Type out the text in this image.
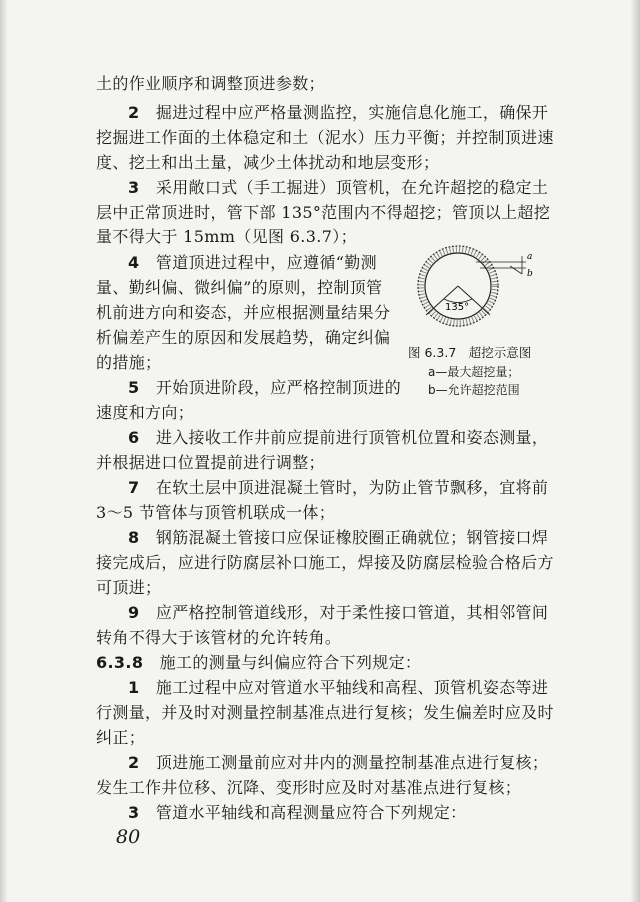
土的作业顺序和调整顶进参数；
2　 掘进过程中应严格量测监控，实施信息化施工，确保开
挖掘进工作面的土体稳定和土（泥水）压力平衡；并控制顶进速
度、挖土和出土量，减少土体扰动和地层变形；
3　 采用敞口式（手工掘进）顶管机，在允许超挖的稳定土
层中正常顶进时，管下部 135°范围内不得超挖；管顶以上超挖
量不得大于 15mm（见图 6.3.7）；
4　 管道顶进过程中，应遵循“勤测
量、勤纠偏、微纠偏”的原则，控制顶管
机前进方向和姿态，并应根据测量结果分
析偏差产生的原因和发展趋势，确定纠偏
的措施；
5　 开始顶进阶段，应严格控制顶进的
速度和方向；
135°
a
b
图 6.3.7　超挖示意图
a—最大超挖量；
b—允许超挖范围
6　 进入接收工作井前应提前进行顶管机位置和姿态测量，
并根据进口位置提前进行调整；
7　 在软土层中顶进混凝土管时，为防止管节飘移，宜将前
3～5 节管体与顶管机联成一体；
8　 钢筋混凝土管接口应保证橡胶圈正确就位；钢管接口焊
接完成后，应进行防腐层补口施工，焊接及防腐层检验合格后方
可顶进；
9　 应严格控制管道线形，对于柔性接口管道，其相邻管间
转角不得大于该管材的允许转角。
6.3.8　 施工的测量与纠偏应符合下列规定：
1　 施工过程中应对管道水平轴线和高程、顶管机姿态等进
行测量，并及时对测量控制基准点进行复核；发生偏差时应及时
纠正；
2　 顶进施工测量前应对井内的测量控制基准点进行复核；
发生工作井位移、沉降、变形时应及时对基准点进行复核；
3　 管道水平轴线和高程测量应符合下列规定：
80
